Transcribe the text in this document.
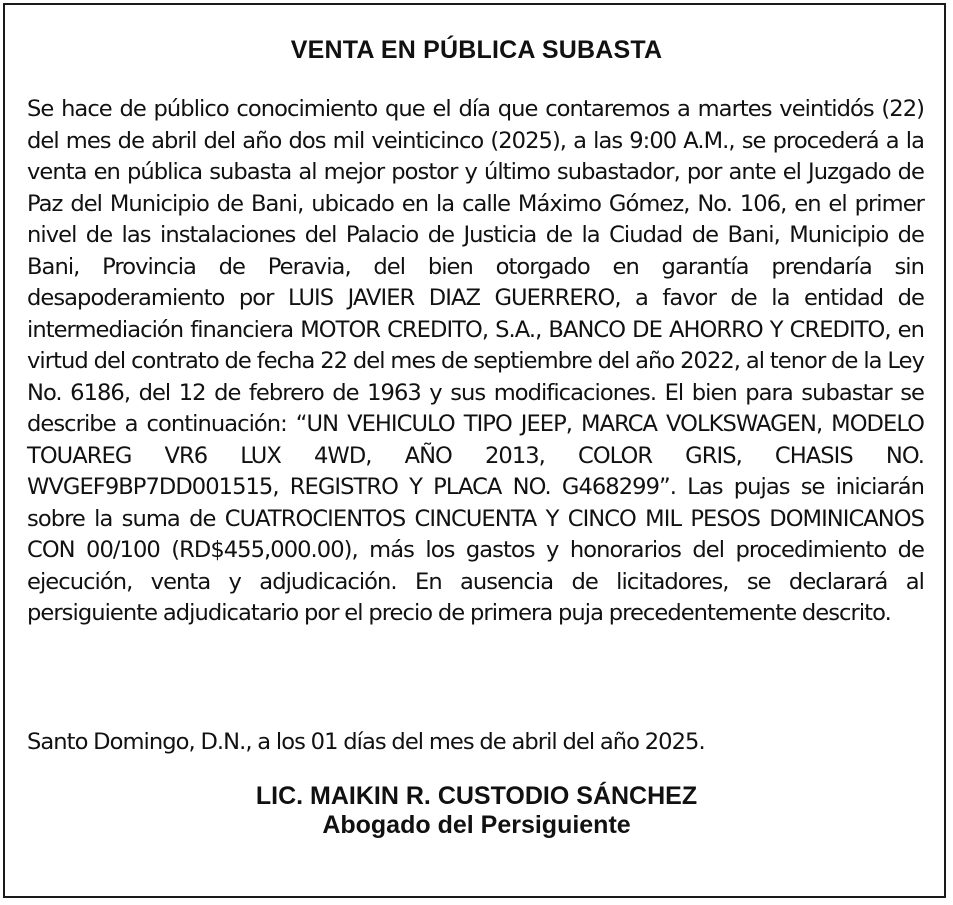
VENTA EN PÚBLICA SUBASTA
Se hace de público conocimiento que el día que contaremos a martes veintidós (22) del mes de abril del año dos mil veinticinco (2025), a las 9:00 A.M., se procederá a la venta en pública subasta al mejor postor y último subastador, por ante el Juzgado de Paz del Municipio de Bani, ubicado en la calle Máximo Gómez, No. 106, en el primer nivel de las instalaciones del Palacio de Justicia de la Ciudad de Bani, Municipio de Bani, Provincia de Peravia, del bien otorgado en garantía prendaría sin desapoderamiento por LUIS JAVIER DIAZ GUERRERO, a favor de la entidad de intermediación financiera MOTOR CREDITO, S.A., BANCO DE AHORRO Y CREDITO, en virtud del contrato de fecha 22 del mes de septiembre del año 2022, al tenor de la Ley No. 6186, del 12 de febrero de 1963 y sus modificaciones. El bien para subastar se describe a continuación: “UN VEHICULO TIPO JEEP, MARCA VOLKSWAGEN, MODELO TOUAREG VR6 LUX 4WD, AÑO 2013, COLOR GRIS, CHASIS NO. WVGEF9BP7DD001515, REGISTRO Y PLACA NO. G468299”. Las pujas se iniciarán sobre la suma de CUATROCIENTOS CINCUENTA Y CINCO MIL PESOS DOMINICANOS CON 00/100 (RD$455,000.00), más los gastos y honorarios del procedimiento de ejecución, venta y adjudicación. En ausencia de licitadores, se declarará al persiguiente adjudicatario por el precio de primera puja precedentemente descrito.
Santo Domingo, D.N., a los 01 días del mes de abril del año 2025.
LIC. MAIKIN R. CUSTODIO SÁNCHEZ
Abogado del Persiguiente
